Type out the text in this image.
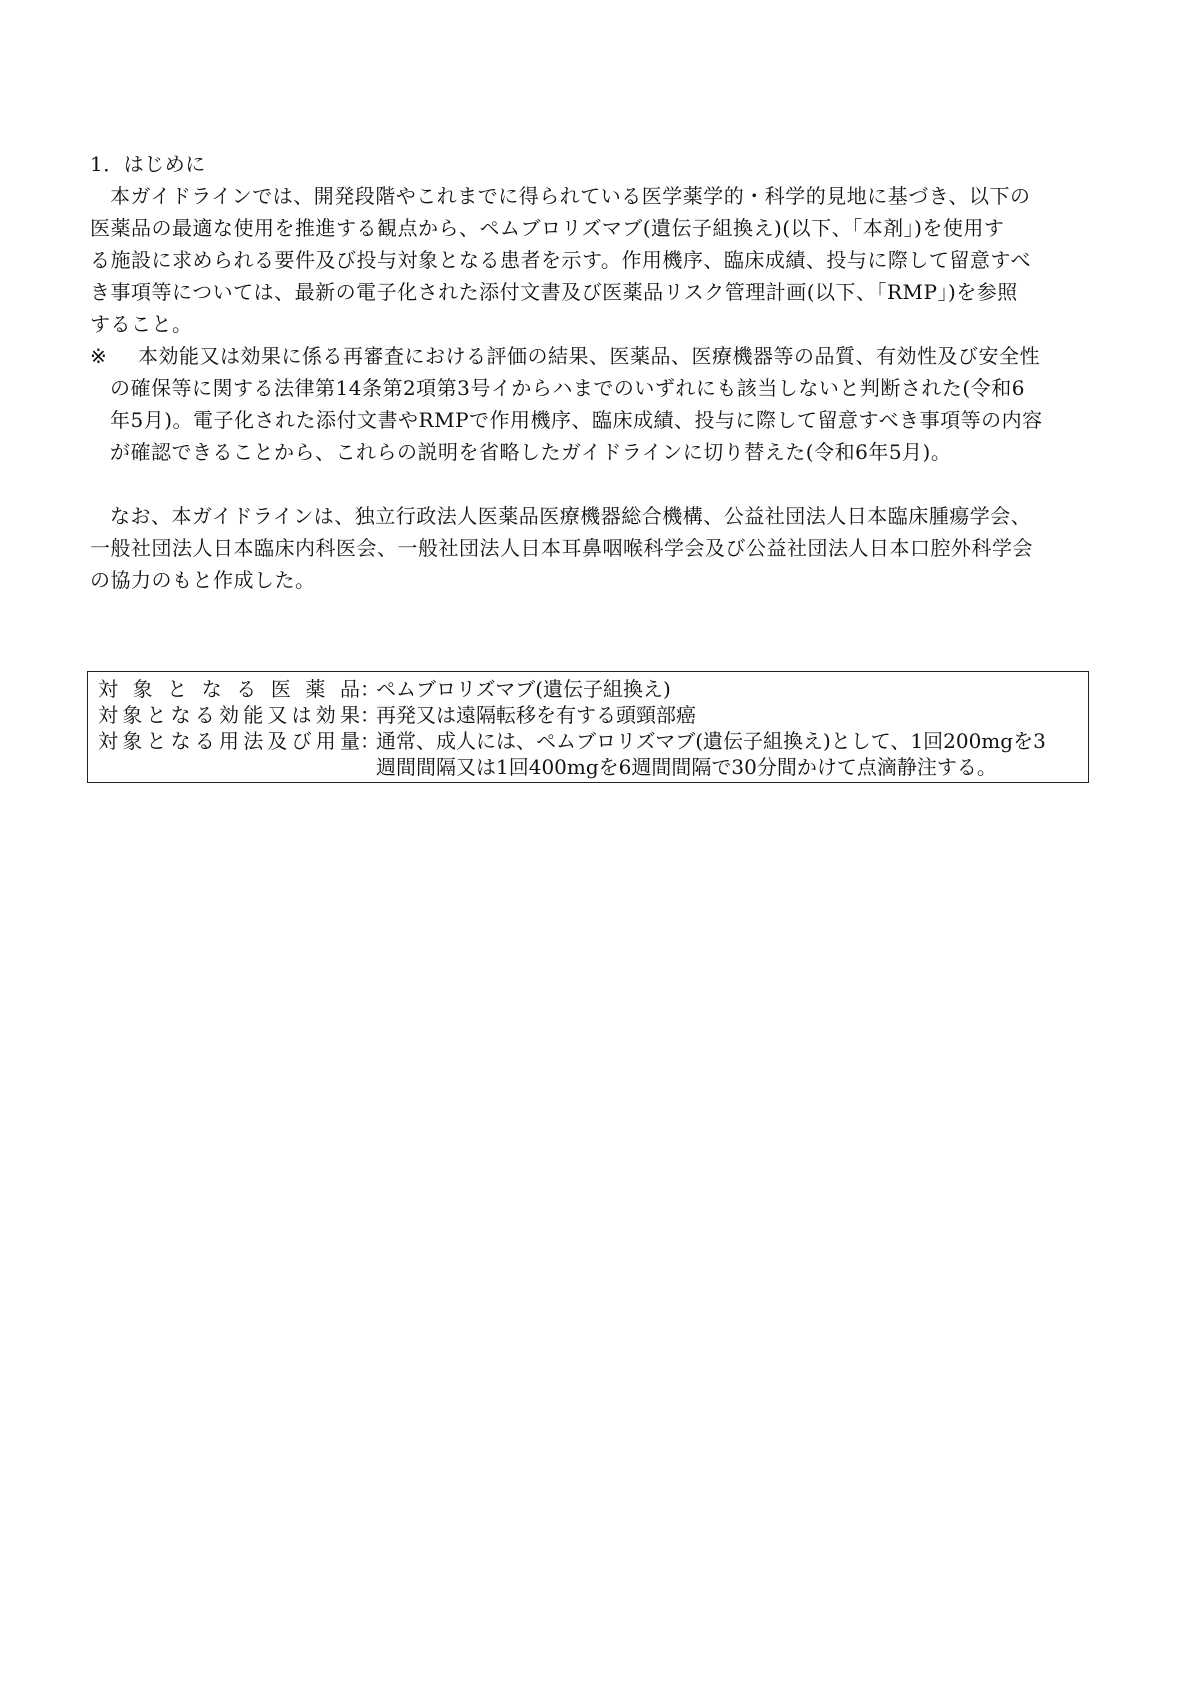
1．はじめに

本ガイドラインでは、開発段階やこれまでに得られている医学薬学的・科学的見地に基づき、以下の

医薬品の最適な使用を推進する観点から、ペムブロリズマブ(遺伝子組換え)(以下、「本剤」)を使用す

る施設に求められる要件及び投与対象となる患者を示す。作用機序、臨床成績、投与に際して留意すべ

き事項等については、最新の電子化された添付文書及び医薬品リスク管理計画(以下、「RMP」)を参照

すること。

※	本効能又は効果に係る再審査における評価の結果、医薬品、医療機器等の品質、有効性及び安全性

の確保等に関する法律第14条第2項第3号イからハまでのいずれにも該当しないと判断された(令和6

年5月)。電子化された添付文書やRMPで作用機序、臨床成績、投与に際して留意すべき事項等の内容

が確認できることから、これらの説明を省略したガイドラインに切り替えた(令和6年5月)。

なお、本ガイドラインは、独立行政法人医薬品医療機器総合機構、公益社団法人日本臨床腫瘍学会、

一般社団法人日本臨床内科医会、一般社団法人日本耳鼻咽喉科学会及び公益社団法人日本口腔外科学会

の協力のもと作成した。

対象となる医薬品：
ペムブロリズマブ(遺伝子組換え)
対象となる効能又は効果：
再発又は遠隔転移を有する頭頸部癌
対象となる用法及び用量：
通常、成人には、ペムブロリズマブ(遺伝子組換え)として、1回200mgを3
週間間隔又は1回400mgを6週間間隔で30分間かけて点滴静注する。
